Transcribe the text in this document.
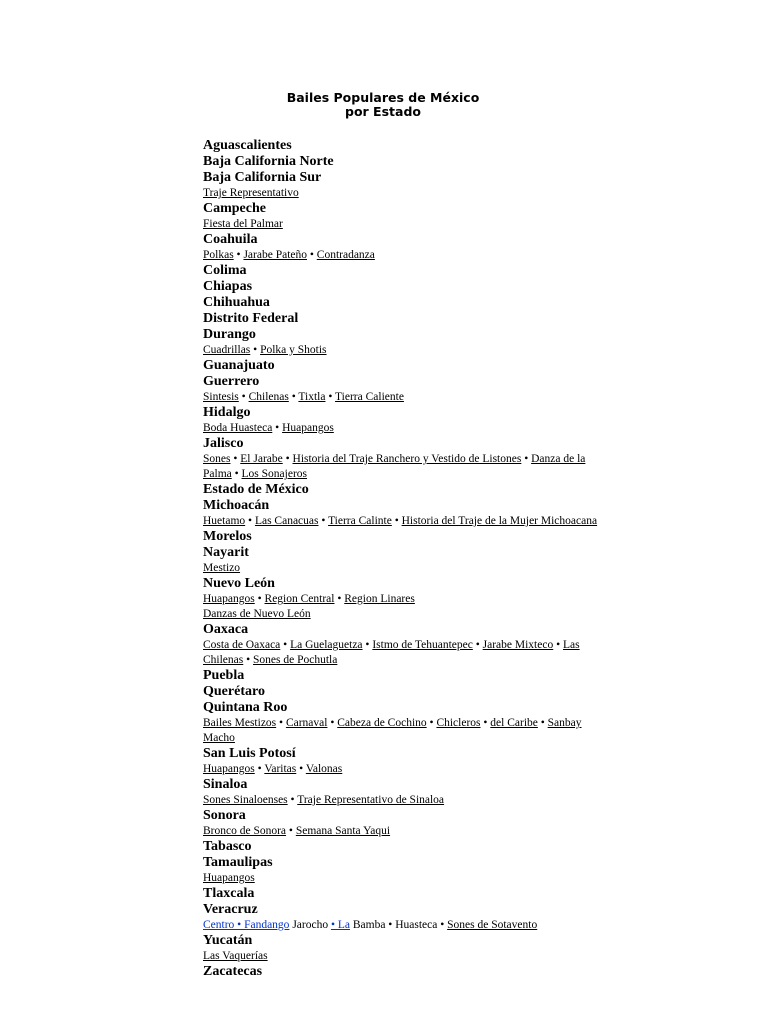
Bailes Populares de México
por Estado
Aguascalientes
Baja California Norte
Baja California Sur
Traje Representativo
Campeche
Fiesta del Palmar
Coahuila
Polkas • Jarabe Pateño • Contradanza
Colima
Chiapas
Chihuahua
Distrito Federal
Durango
Cuadrillas • Polka y Shotis
Guanajuato
Guerrero
Sintesis • Chilenas • Tixtla • Tierra Caliente
Hidalgo
Boda Huasteca • Huapangos
Jalisco
Sones • El Jarabe • Historia del Traje Ranchero y Vestido de Listones • Danza de la
Palma • Los Sonajeros
Estado de México
Michoacán
Huetamo • Las Canacuas • Tierra Calinte • Historia del Traje de la Mujer Michoacana
Morelos
Nayarit
Mestizo
Nuevo León
Huapangos • Region Central • Region Linares
Danzas de Nuevo León
Oaxaca
Costa de Oaxaca • La Guelaguetza • Istmo de Tehuantepec • Jarabe Mixteco • Las
Chilenas • Sones de Pochutla
Puebla
Querétaro
Quintana Roo
Bailes Mestizos • Carnaval • Cabeza de Cochino • Chicleros • del Caribe • Sanbay
Macho
San Luis Potosí
Huapangos • Varitas • Valonas
Sinaloa
Sones Sinaloenses • Traje Representativo de Sinaloa
Sonora
Bronco de Sonora • Semana Santa Yaqui
Tabasco
Tamaulipas
Huapangos
Tlaxcala
Veracruz
Centro • Fandango Jarocho • La Bamba • Huasteca • Sones de Sotavento
Yucatán
Las Vaquerías
Zacatecas
